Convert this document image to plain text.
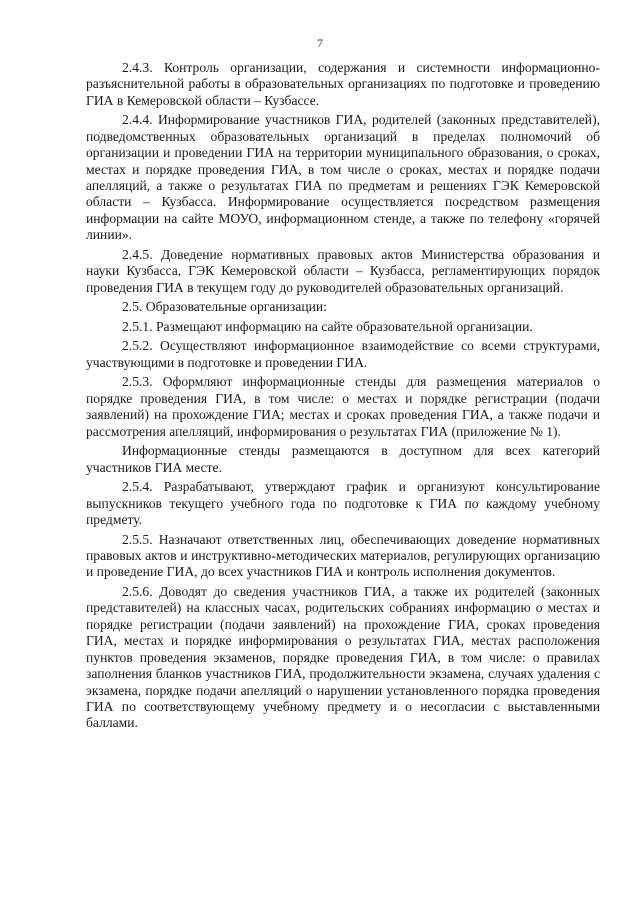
7

2.4.3. Контроль организации, содержания и системности информационно-разъяснительной работы в образовательных организациях по подготовке и проведению ГИА в Кемеровской области – Кузбассе.

2.4.4. Информирование участников ГИА, родителей (законных представителей), подведомственных образовательных организаций в пределах полномочий об организации и проведении ГИА на территории муниципального образования, о сроках, местах и порядке проведения ГИА, в том числе о сроках, местах и порядке подачи апелляций, а также о результатах ГИА по предметам и решениях ГЭК Кемеровской области – Кузбасса. Информирование осуществляется посредством размещения информации на сайте МОУО, информационном стенде, а также по телефону «горячей линии».

2.4.5. Доведение нормативных правовых актов Министерства образования и науки Кузбасса, ГЭК Кемеровской области – Кузбасса, регламентирующих порядок проведения ГИА в текущем году до руководителей образовательных организаций.

2.5. Образовательные организации:

2.5.1. Размещают информацию на сайте образовательной организации.

2.5.2. Осуществляют информационное взаимодействие со всеми структурами, участвующими в подготовке и проведении ГИА.

2.5.3. Оформляют информационные стенды для размещения материалов о порядке проведения ГИА, в том числе: о местах и порядке регистрации (подачи заявлений) на прохождение ГИА; местах и сроках проведения ГИА, а также подачи и рассмотрения апелляций, информирования о результатах ГИА (приложение № 1).

Информационные стенды размещаются в доступном для всех категорий участников ГИА месте.

2.5.4. Разрабатывают, утверждают график и организуют консультирование выпускников текущего учебного года по подготовке к ГИА по каждому учебному предмету.

2.5.5. Назначают ответственных лиц, обеспечивающих доведение нормативных правовых актов и инструктивно-методических материалов, регулирующих организацию и проведение ГИА, до всех участников ГИА и контроль исполнения документов.

2.5.6. Доводят до сведения участников ГИА, а также их родителей (законных представителей) на классных часах, родительских собраниях информацию о местах и порядке регистрации (подачи заявлений) на прохождение ГИА, сроках проведения ГИА, местах и порядке информирования о результатах ГИА, местах расположения пунктов проведения экзаменов, порядке проведения ГИА, в том числе: о правилах заполнения бланков участников ГИА, продолжительности экзамена, случаях удаления с экзамена, порядке подачи апелляций о нарушении установленного порядка проведения ГИА по соответствующему учебному предмету и о несогласии с выставленными баллами.
